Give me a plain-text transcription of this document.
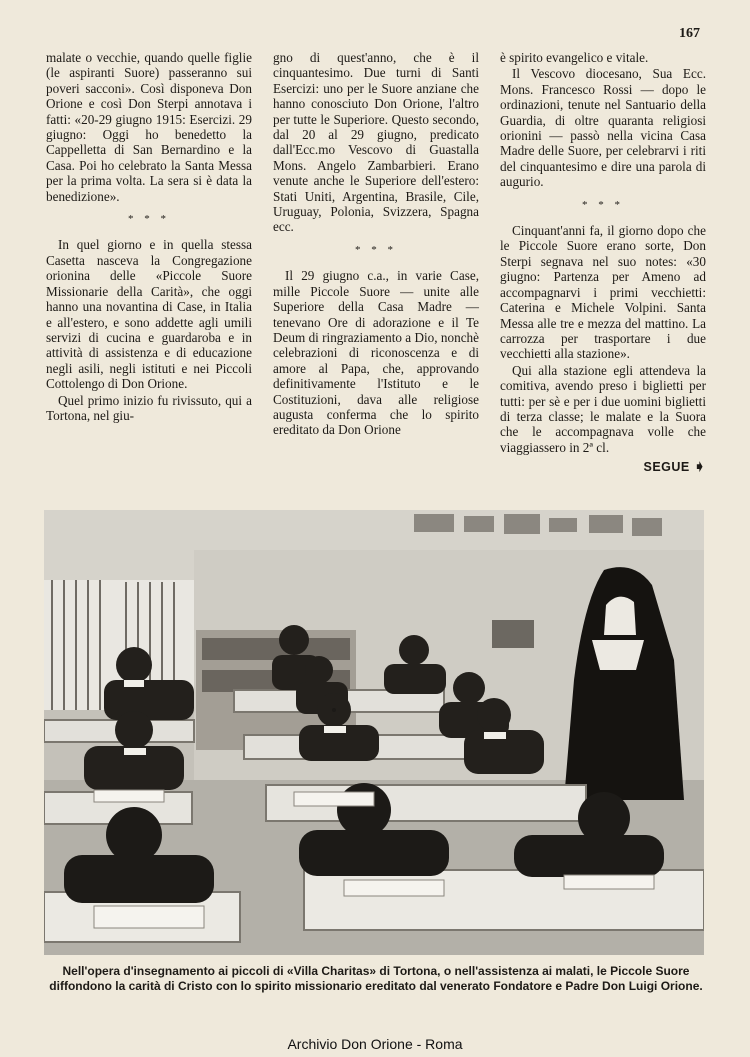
167

malate o vecchie, quando quelle figlie (le aspiranti Suore) passeranno sui poveri sacconi». Così disponeva Don Orione e così Don Sterpi annotava i fatti: «20-29 giugno 1915: Esercizi. 29 giugno: Oggi ho benedetto la Cappelletta di San Bernardino e la Casa. Poi ho celebrato la Santa Messa per la prima volta. La sera si è data la benedizione».

* * *

In quel giorno e in quella stessa Casetta nasceva la Congregazione orionina delle «Piccole Suore Missionarie della Carità», che oggi hanno una novantina di Case, in Italia e all'estero, e sono addette agli umili servizi di cucina e guardaroba e in attività di assistenza e di educazione negli asili, negli istituti e nei Piccoli Cottolengo di Don Orione.

Quel primo inizio fu rivissuto, qui a Tortona, nel giu-

gno di quest'anno, che è il cinquantesimo. Due turni di Santi Esercizi: uno per le Suore anziane che hanno conosciuto Don Orione, l'altro per tutte le Superiore. Questo secondo, dal 20 al 29 giugno, predicato dall'Ecc.mo Vescovo di Guastalla Mons. Angelo Zambarbieri. Erano venute anche le Superiore dell'estero: Stati Uniti, Argentina, Brasile, Cile, Uruguay, Polonia, Svizzera, Spagna ecc.

* * *

Il 29 giugno c.a., in varie Case, mille Piccole Suore — unite alle Superiore della Casa Madre — tenevano Ore di adorazione e il Te Deum di ringraziamento a Dio, nonchè celebrazioni di riconoscenza e di amore al Papa, che, approvando definitivamente l'Istituto e le Costituzioni, dava alle religiose augusta conferma che lo spirito ereditato da Don Orione

è spirito evangelico e vitale.

Il Vescovo diocesano, Sua Ecc. Mons. Francesco Rossi — dopo le ordinazioni, tenute nel Santuario della Guardia, di oltre quaranta religiosi orionini — passò nella vicina Casa Madre delle Suore, per celebrarvi i riti del cinquantesimo e dire una parola di augurio.

* * *

Cinquant'anni fa, il giorno dopo che le Piccole Suore erano sorte, Don Sterpi segnava nel suo notes: «30 giugno: Partenza per Ameno ad accompagnarvi i primi vecchietti: Caterina e Michele Volpini. Santa Messa alle tre e mezza del mattino. La carrozza per trasportare i due vecchietti alla stazione».

Qui alla stazione egli attendeva la comitiva, avendo preso i biglietti per tutti: per sè e per i due uomini biglietti di terza classe; le malate e la Suora che le accompagnava volle che viaggiassero in 2ª cl.

SEGUE ➧
Nell'opera d'insegnamento ai piccoli di «Villa Charitas» di Tortona, o nell'assistenza ai malati, le Piccole Suore diffondono la carità di Cristo con lo spirito missionario ereditato dal venerato Fondatore e Padre Don Luigi Orione.
Archivio Don Orione - Roma
